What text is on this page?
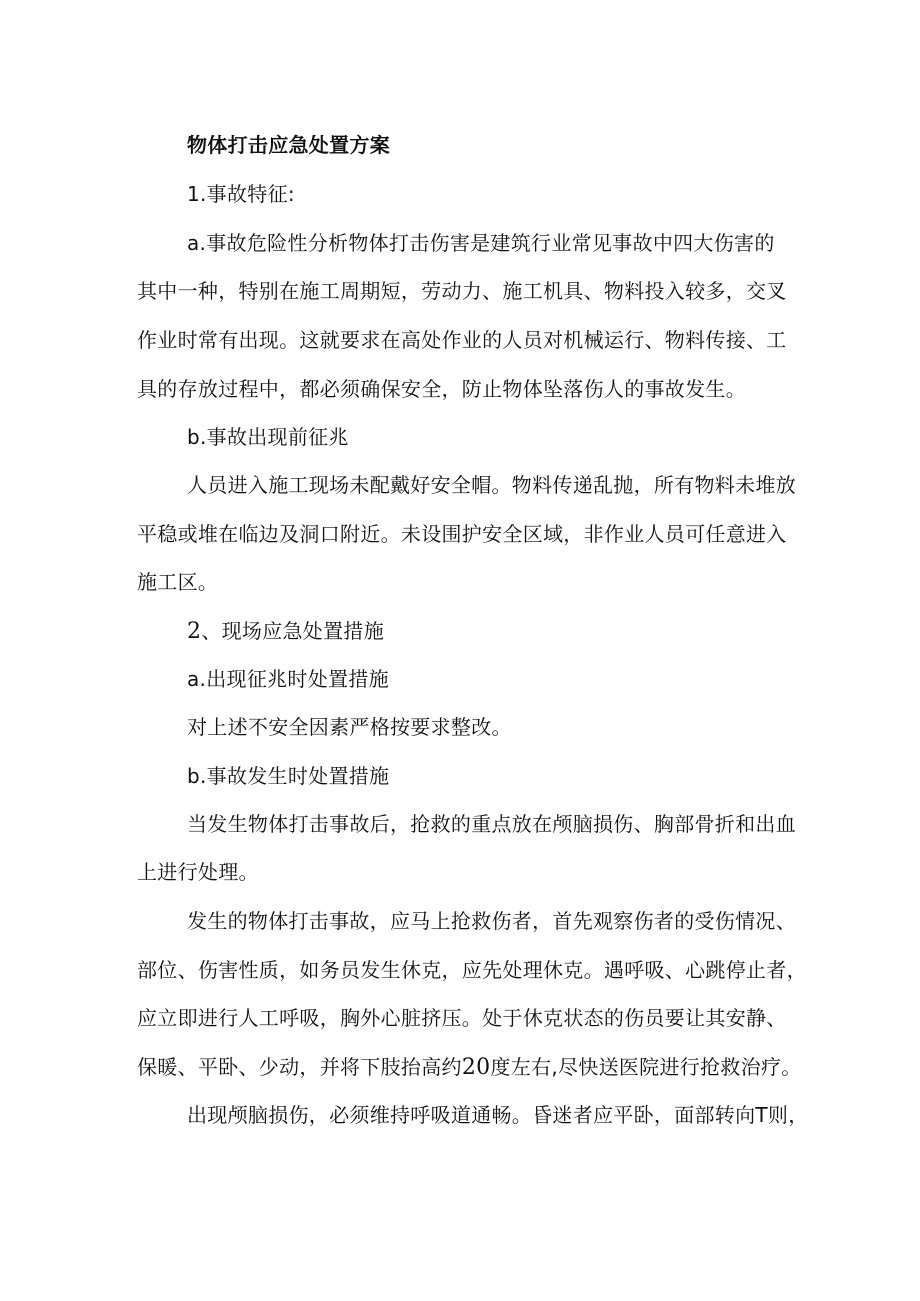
物体打击应急处置方案
1.事故特征:
a.事故危险性分析物体打击伤害是建筑行业常见事故中四大伤害的
其中一种，特别在施工周期短，劳动力、施工机具、物料投入较多，交叉
作业时常有出现。这就要求在高处作业的人员对机械运行、物料传接、工
具的存放过程中，都必须确保安全，防止物体坠落伤人的事故发生。
b.事故出现前征兆
人员进入施工现场未配戴好安全帽。物料传递乱抛，所有物料未堆放
平稳或堆在临边及洞口附近。未设围护安全区域，非作业人员可任意进入
施工区。
2、现场应急处置措施
a.出现征兆时处置措施
对上述不安全因素严格按要求整改。
b.事故发生时处置措施
当发生物体打击事故后，抢救的重点放在颅脑损伤、胸部骨折和出血
上进行处理。
发生的物体打击事故，应马上抢救伤者，首先观察伤者的受伤情况、
部位、伤害性质，如务员发生休克，应先处理休克。遇呼吸、心跳停止者，
应立即进行人工呼吸，胸外心脏挤压。处于休克状态的伤员要让其安静、
保暖、平卧、少动，并将下肢抬高约20度左右,尽快送医院进行抢救治疗。
出现颅脑损伤，必须维持呼吸道通畅。昏迷者应平卧，面部转向T则，
